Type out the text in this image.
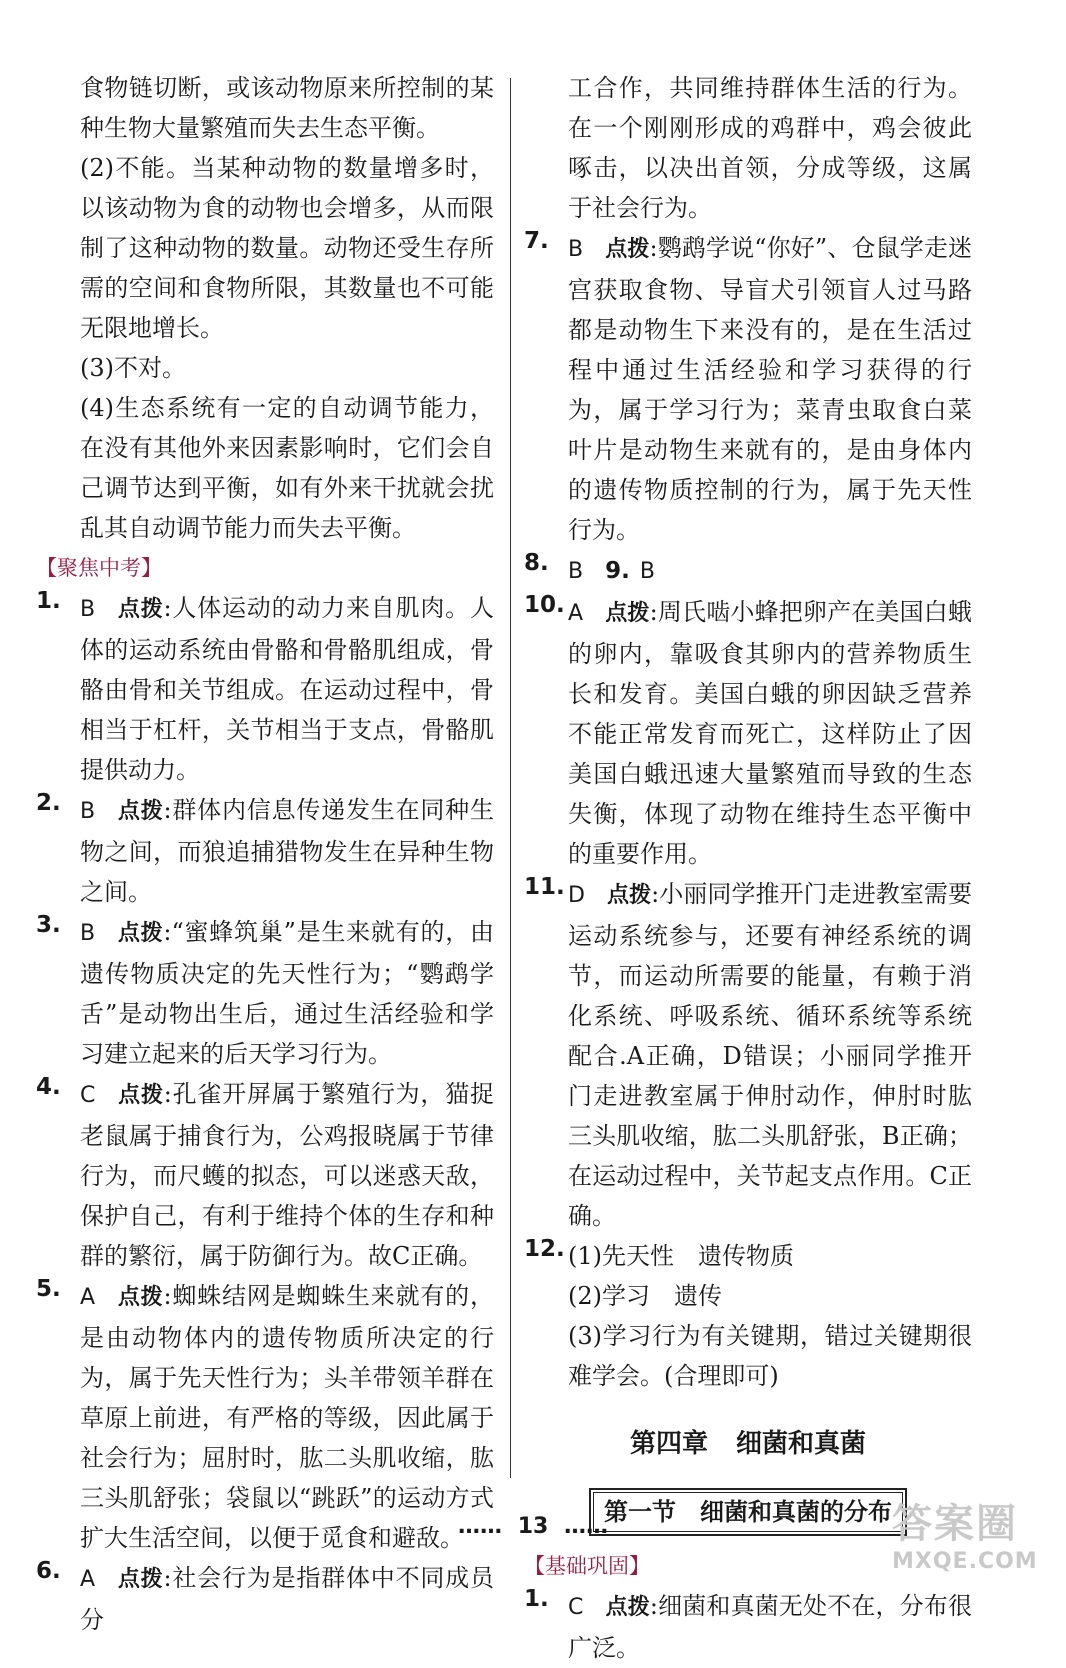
食物链切断，或该动物原来所控制的某种生物大量繁殖而失去生态平衡。

(2)不能。当某种动物的数量增多时，以该动物为食的动物也会增多，从而限制了这种动物的数量。动物还受生存所需的空间和食物所限，其数量也不可能无限地增长。

(3)不对。

(4)生态系统有一定的自动调节能力，在没有其他外来因素影响时，它们会自己调节达到平衡，如有外来干扰就会扰乱其自动调节能力而失去平衡。

【聚焦中考】
1. B 点拨:人体运动的动力来自肌肉。人体的运动系统由骨骼和骨骼肌组成，骨骼由骨和关节组成。在运动过程中，骨相当于杠杆，关节相当于支点，骨骼肌提供动力。

2. B 点拨:群体内信息传递发生在同种生物之间，而狼追捕猎物发生在异种生物之间。

3. B 点拨:“蜜蜂筑巢”是生来就有的，由遗传物质决定的先天性行为；“鹦鹉学舌”是动物出生后，通过生活经验和学习建立起来的后天学习行为。

4. C 点拨:孔雀开屏属于繁殖行为，猫捉老鼠属于捕食行为，公鸡报晓属于节律行为，而尺蠖的拟态，可以迷惑天敌，保护自己，有利于维持个体的生存和种群的繁衍，属于防御行为。故C正确。

5. A 点拨:蜘蛛结网是蜘蛛生来就有的，是由动物体内的遗传物质所决定的行为，属于先天性行为；头羊带领羊群在草原上前进，有严格的等级，因此属于社会行为；屈肘时，肱二头肌收缩，肱三头肌舒张；袋鼠以“跳跃”的运动方式扩大生活空间，以便于觅食和避敌。

6. A 点拨:社会行为是指群体中不同成员分

工合作，共同维持群体生活的行为。在一个刚刚形成的鸡群中，鸡会彼此啄击，以决出首领，分成等级，这属于社会行为。

7. B 点拨:鹦鹉学说“你好”、仓鼠学走迷宫获取食物、导盲犬引领盲人过马路都是动物生下来没有的，是在生活过程中通过生活经验和学习获得的行为，属于学习行为；菜青虫取食白菜叶片是动物生来就有的，是由身体内的遗传物质控制的行为，属于先天性行为。

8. B 9. B

10. A 点拨:周氏啮小蜂把卵产在美国白蛾的卵内，靠吸食其卵内的营养物质生长和发育。美国白蛾的卵因缺乏营养不能正常发育而死亡，这样防止了因美国白蛾迅速大量繁殖而导致的生态失衡，体现了动物在维持生态平衡中的重要作用。

11. D 点拨:小丽同学推开门走进教室需要运动系统参与，还要有神经系统的调节，而运动所需要的能量，有赖于消化系统、呼吸系统、循环系统等系统配合.A正确，D错误；小丽同学推开门走进教室属于伸肘动作，伸肘时肱三头肌收缩，肱二头肌舒张，B正确；在运动过程中，关节起支点作用。C正确。

12. (1)先天性　遗传物质

(2)学习　遗传

(3)学习行为有关键期，错过关键期很难学会。(合理即可)

第四章 细菌和真菌
第一节 细菌和真菌的分布
【基础巩固】
1. C 点拨:细菌和真菌无处不在，分布很广泛。

…… 13 ……	答案圈
MXQE.COM
